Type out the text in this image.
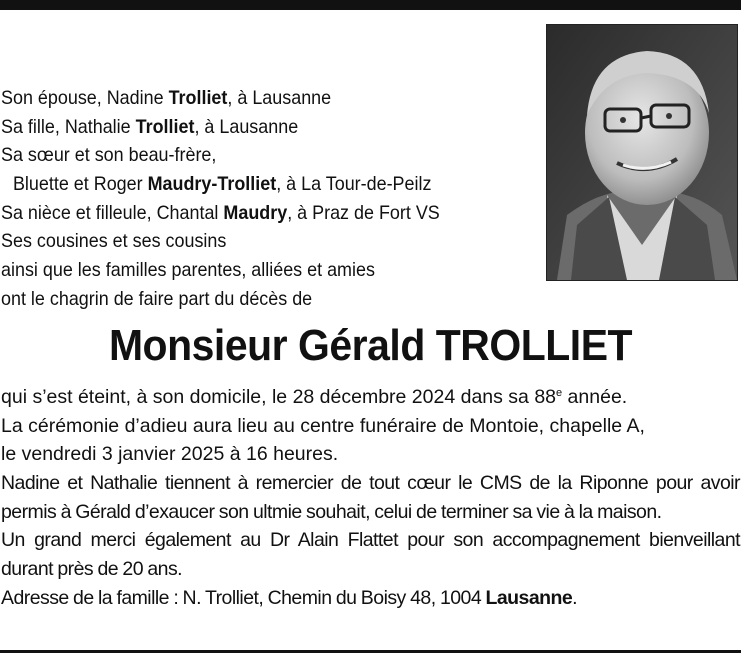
Son épouse, Nadine Trolliet, à Lausanne
Sa fille, Nathalie Trolliet, à Lausanne
Sa sœur et son beau-frère,
Bluette et Roger Maudry-Trolliet, à La Tour-de-Peilz
Sa nièce et filleule, Chantal Maudry, à Praz de Fort VS
Ses cousines et ses cousins
ainsi que les familles parentes, alliées et amies
ont le chagrin de faire part du décès de
Monsieur Gérald TROLLIET
qui s’est éteint, à son domicile, le 28 décembre 2024 dans sa 88e année.
La cérémonie d’adieu aura lieu au centre funéraire de Montoie, chapelle A,
le vendredi 3 janvier 2025 à 16 heures.
Nadine et Nathalie tiennent à remercier de tout cœur le CMS de la Riponne pour avoir permis à Gérald d’exaucer son ultmie souhait, celui de terminer sa vie à la maison.
Un grand merci également au Dr Alain Flattet pour son accompagnement bienveillant durant près de 20 ans.
Adresse de la famille : N. Trolliet, Chemin du Boisy 48, 1004 Lausanne.
